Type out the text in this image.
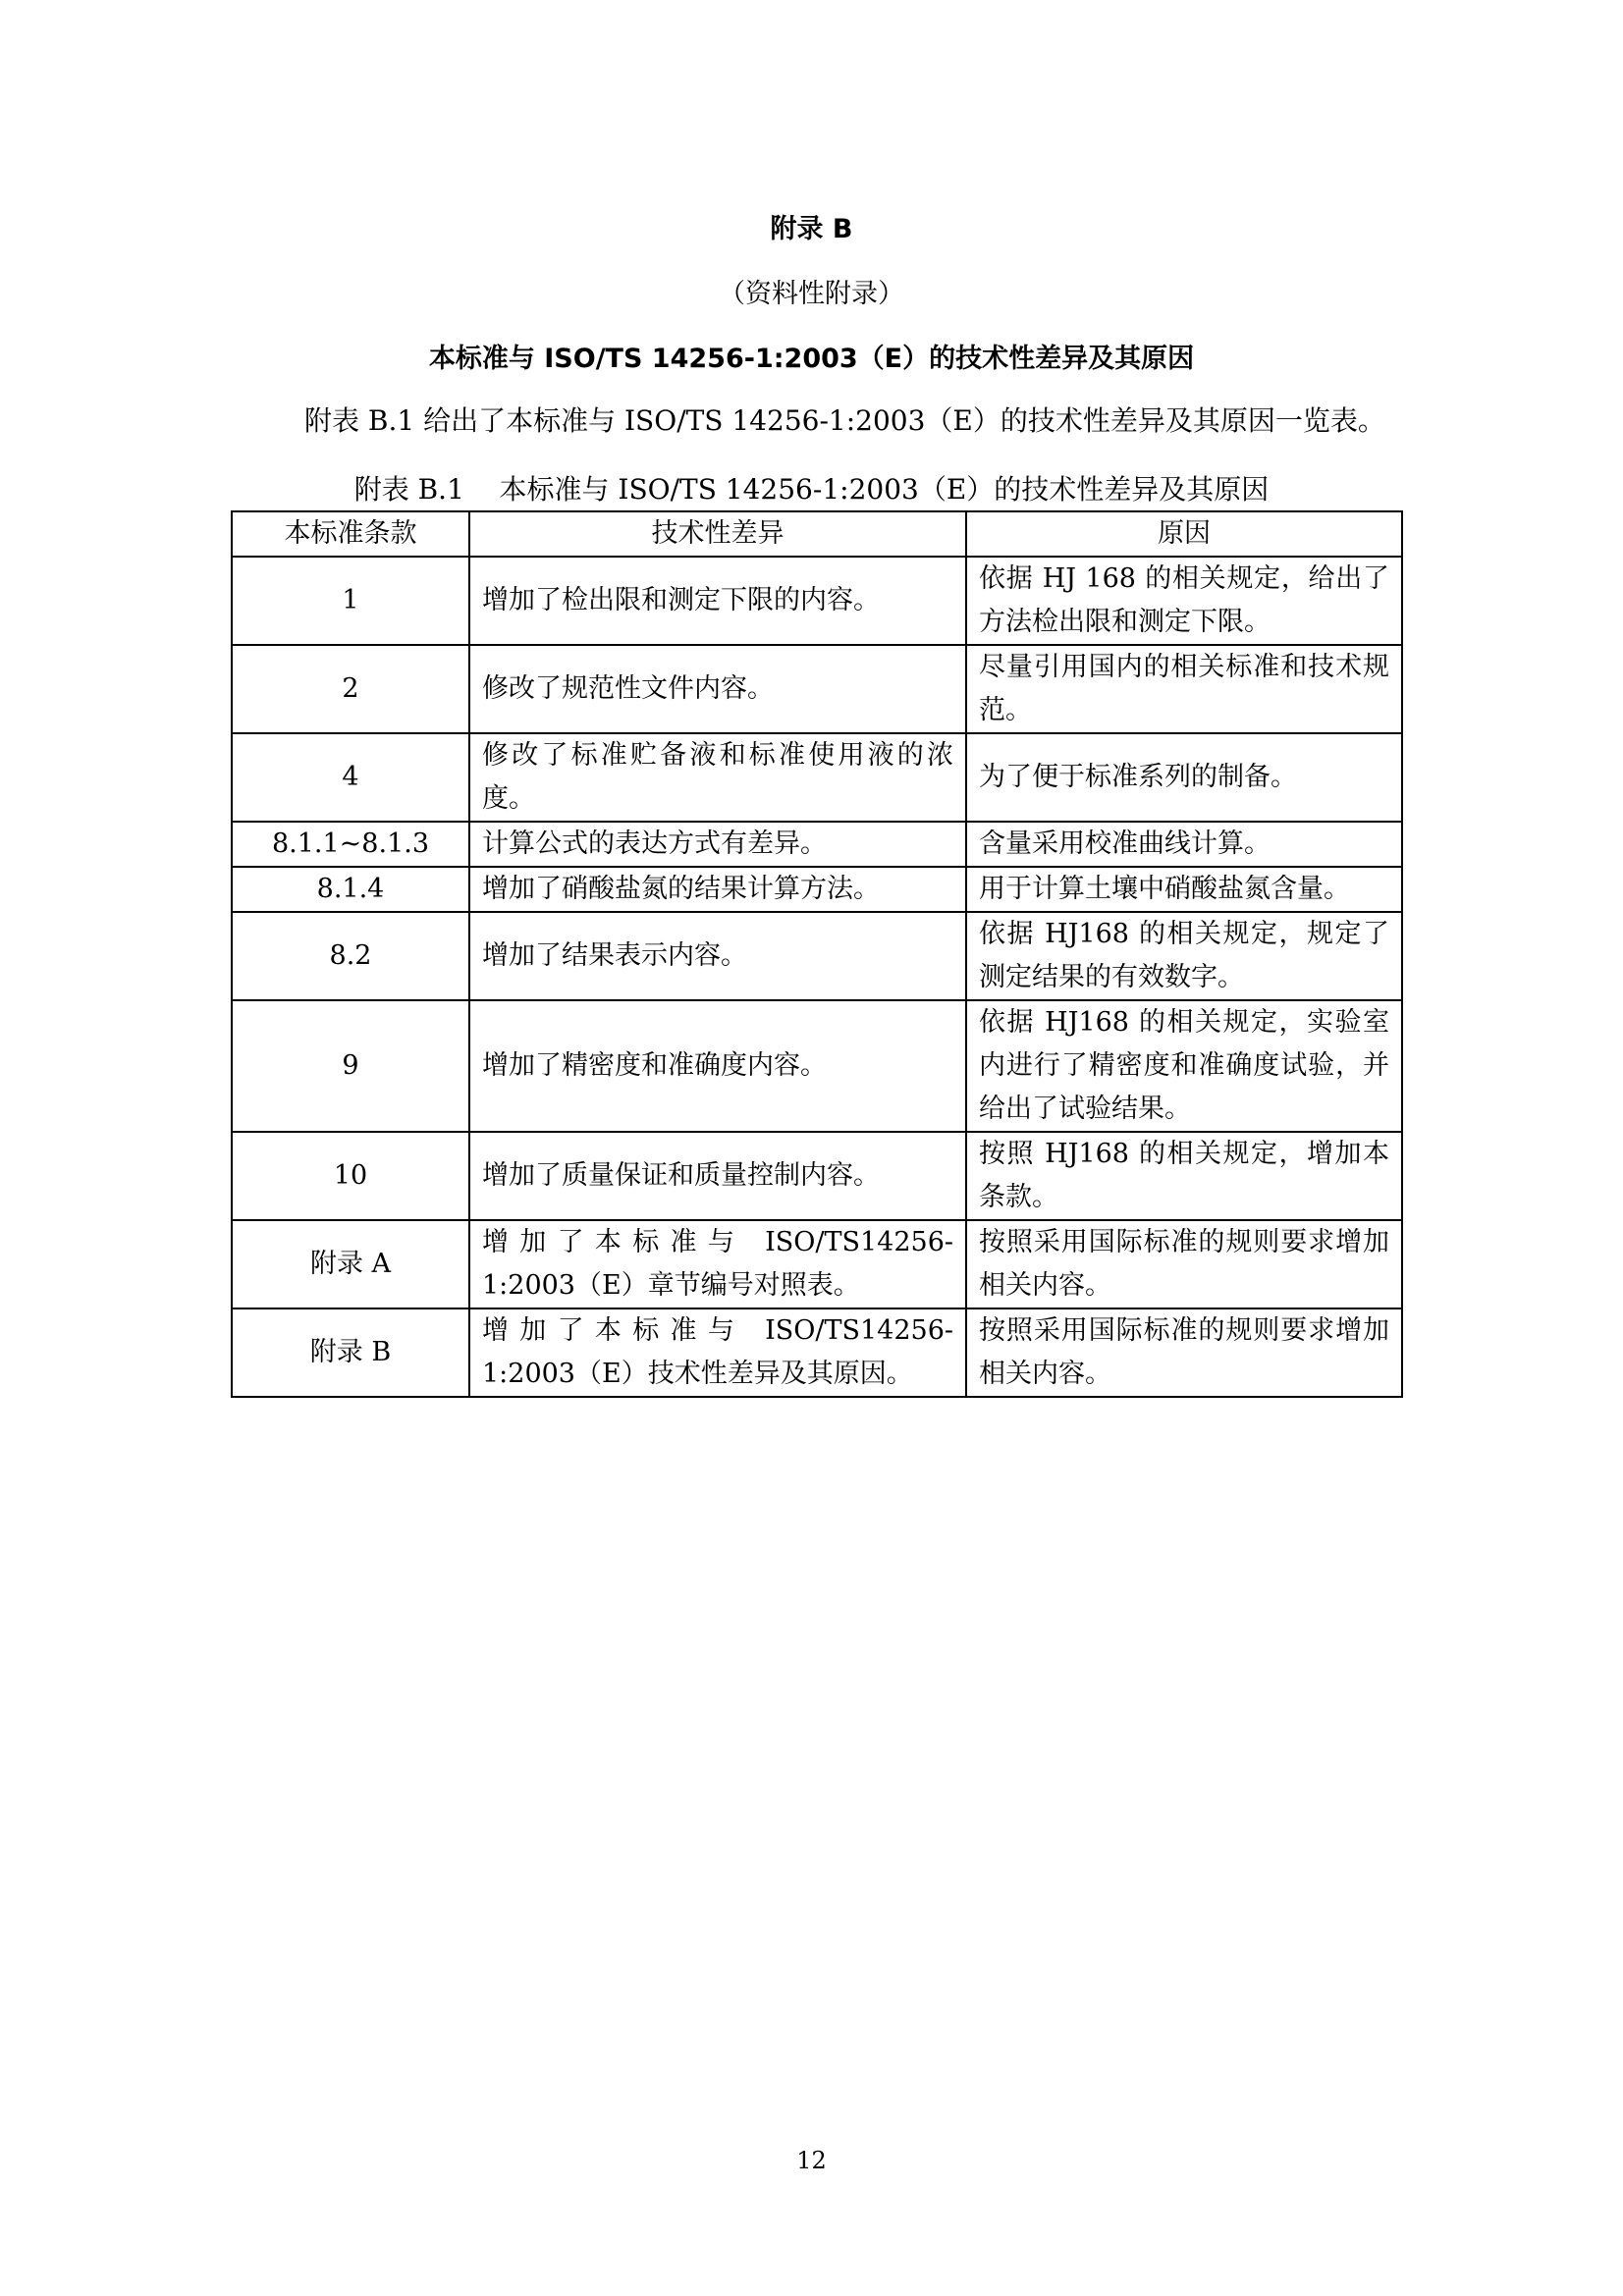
附录 B
（资料性附录）
本标准与 ISO/TS 14256-1:2003（E）的技术性差异及其原因
附表 B.1 给出了本标准与 ISO/TS 14256-1:2003（E）的技术性差异及其原因一览表。
附表 B.1    本标准与 ISO/TS 14256-1:2003（E）的技术性差异及其原因
本标准条款	技术性差异	原因
1	增加了检出限和测定下限的内容。	依据 HJ 168 的相关规定，给出了方法检出限和测定下限。
2	修改了规范性文件内容。	尽量引用国内的相关标准和技术规范。
4	修改了标准贮备液和标准使用液的浓度。	为了便于标准系列的制备。
8.1.1~8.1.3	计算公式的表达方式有差异。	含量采用校准曲线计算。
8.1.4	增加了硝酸盐氮的结果计算方法。	用于计算土壤中硝酸盐氮含量。
8.2	增加了结果表示内容。	依据 HJ168 的相关规定，规定了测定结果的有效数字。
9	增加了精密度和准确度内容。	依据 HJ168 的相关规定，实验室内进行了精密度和准确度试验，并给出了试验结果。
10	增加了质量保证和质量控制内容。	按照 HJ168 的相关规定，增加本条款。
附录 A	增加了本标准与 ISO/TS14256-1:2003（E）章节编号对照表。	按照采用国际标准的规则要求增加相关内容。
附录 B	增加了本标准与 ISO/TS14256-1:2003（E）技术性差异及其原因。	按照采用国际标准的规则要求增加相关内容。
12
